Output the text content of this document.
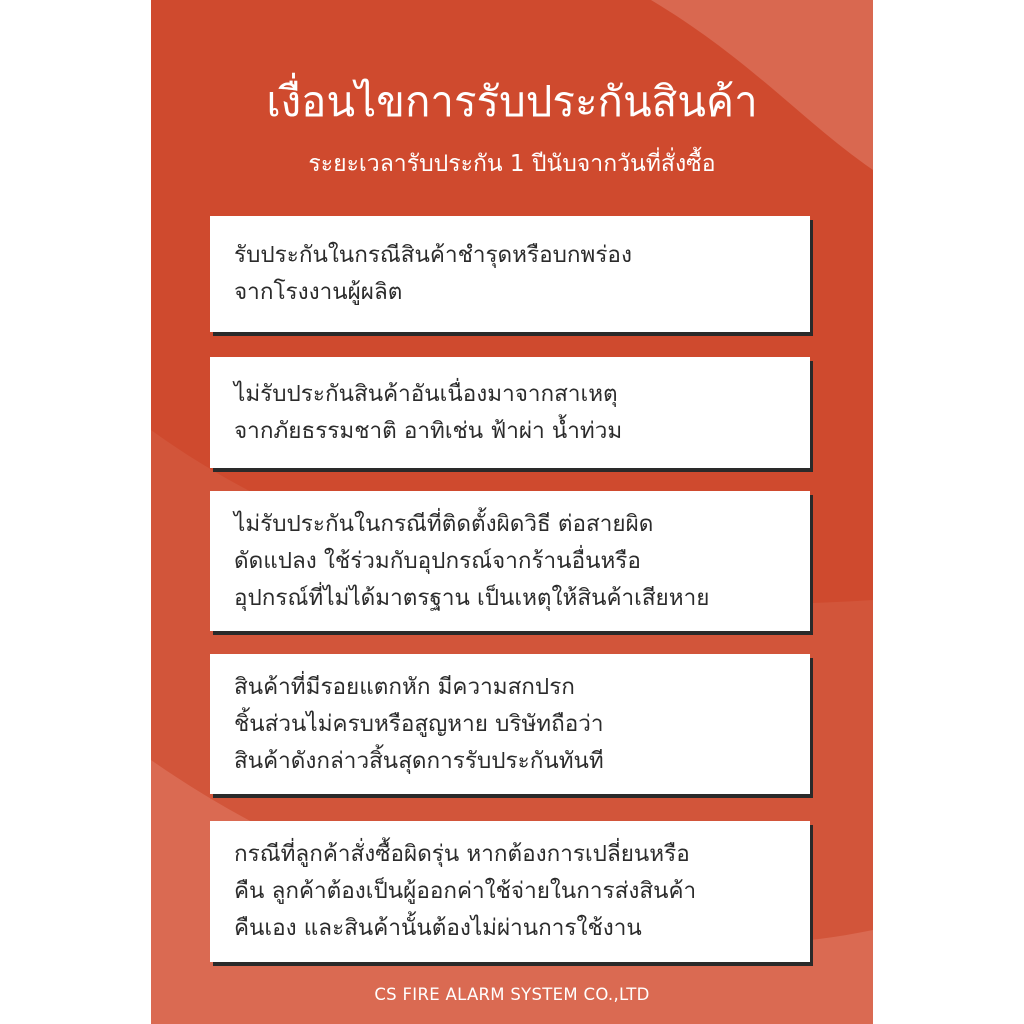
เงื่อนไขการรับประกันสินค้า

ระยะเวลารับประกัน 1 ปีนับจากวันที่สั่งซื้อ

รับประกันในกรณีสินค้าชำรุดหรือบกพร่อง
จากโรงงานผู้ผลิต
ไม่รับประกันสินค้าอันเนื่องมาจากสาเหตุ
จากภัยธรรมชาติ อาทิเช่น ฟ้าผ่า น้ำท่วม
ไม่รับประกันในกรณีที่ติดตั้งผิดวิธี ต่อสายผิด
ดัดแปลง ใช้ร่วมกับอุปกรณ์จากร้านอื่นหรือ
อุปกรณ์ที่ไม่ได้มาตรฐาน เป็นเหตุให้สินค้าเสียหาย
สินค้าที่มีรอยแตกหัก มีความสกปรก
ชิ้นส่วนไม่ครบหรือสูญหาย บริษัทถือว่า
สินค้าดังกล่าวสิ้นสุดการรับประกันทันที
กรณีที่ลูกค้าสั่งซื้อผิดรุ่น หากต้องการเปลี่ยนหรือ
คืน ลูกค้าต้องเป็นผู้ออกค่าใช้จ่ายในการส่งสินค้า
คืนเอง และสินค้านั้นต้องไม่ผ่านการใช้งาน

CS FIRE ALARM SYSTEM CO.,LTD
